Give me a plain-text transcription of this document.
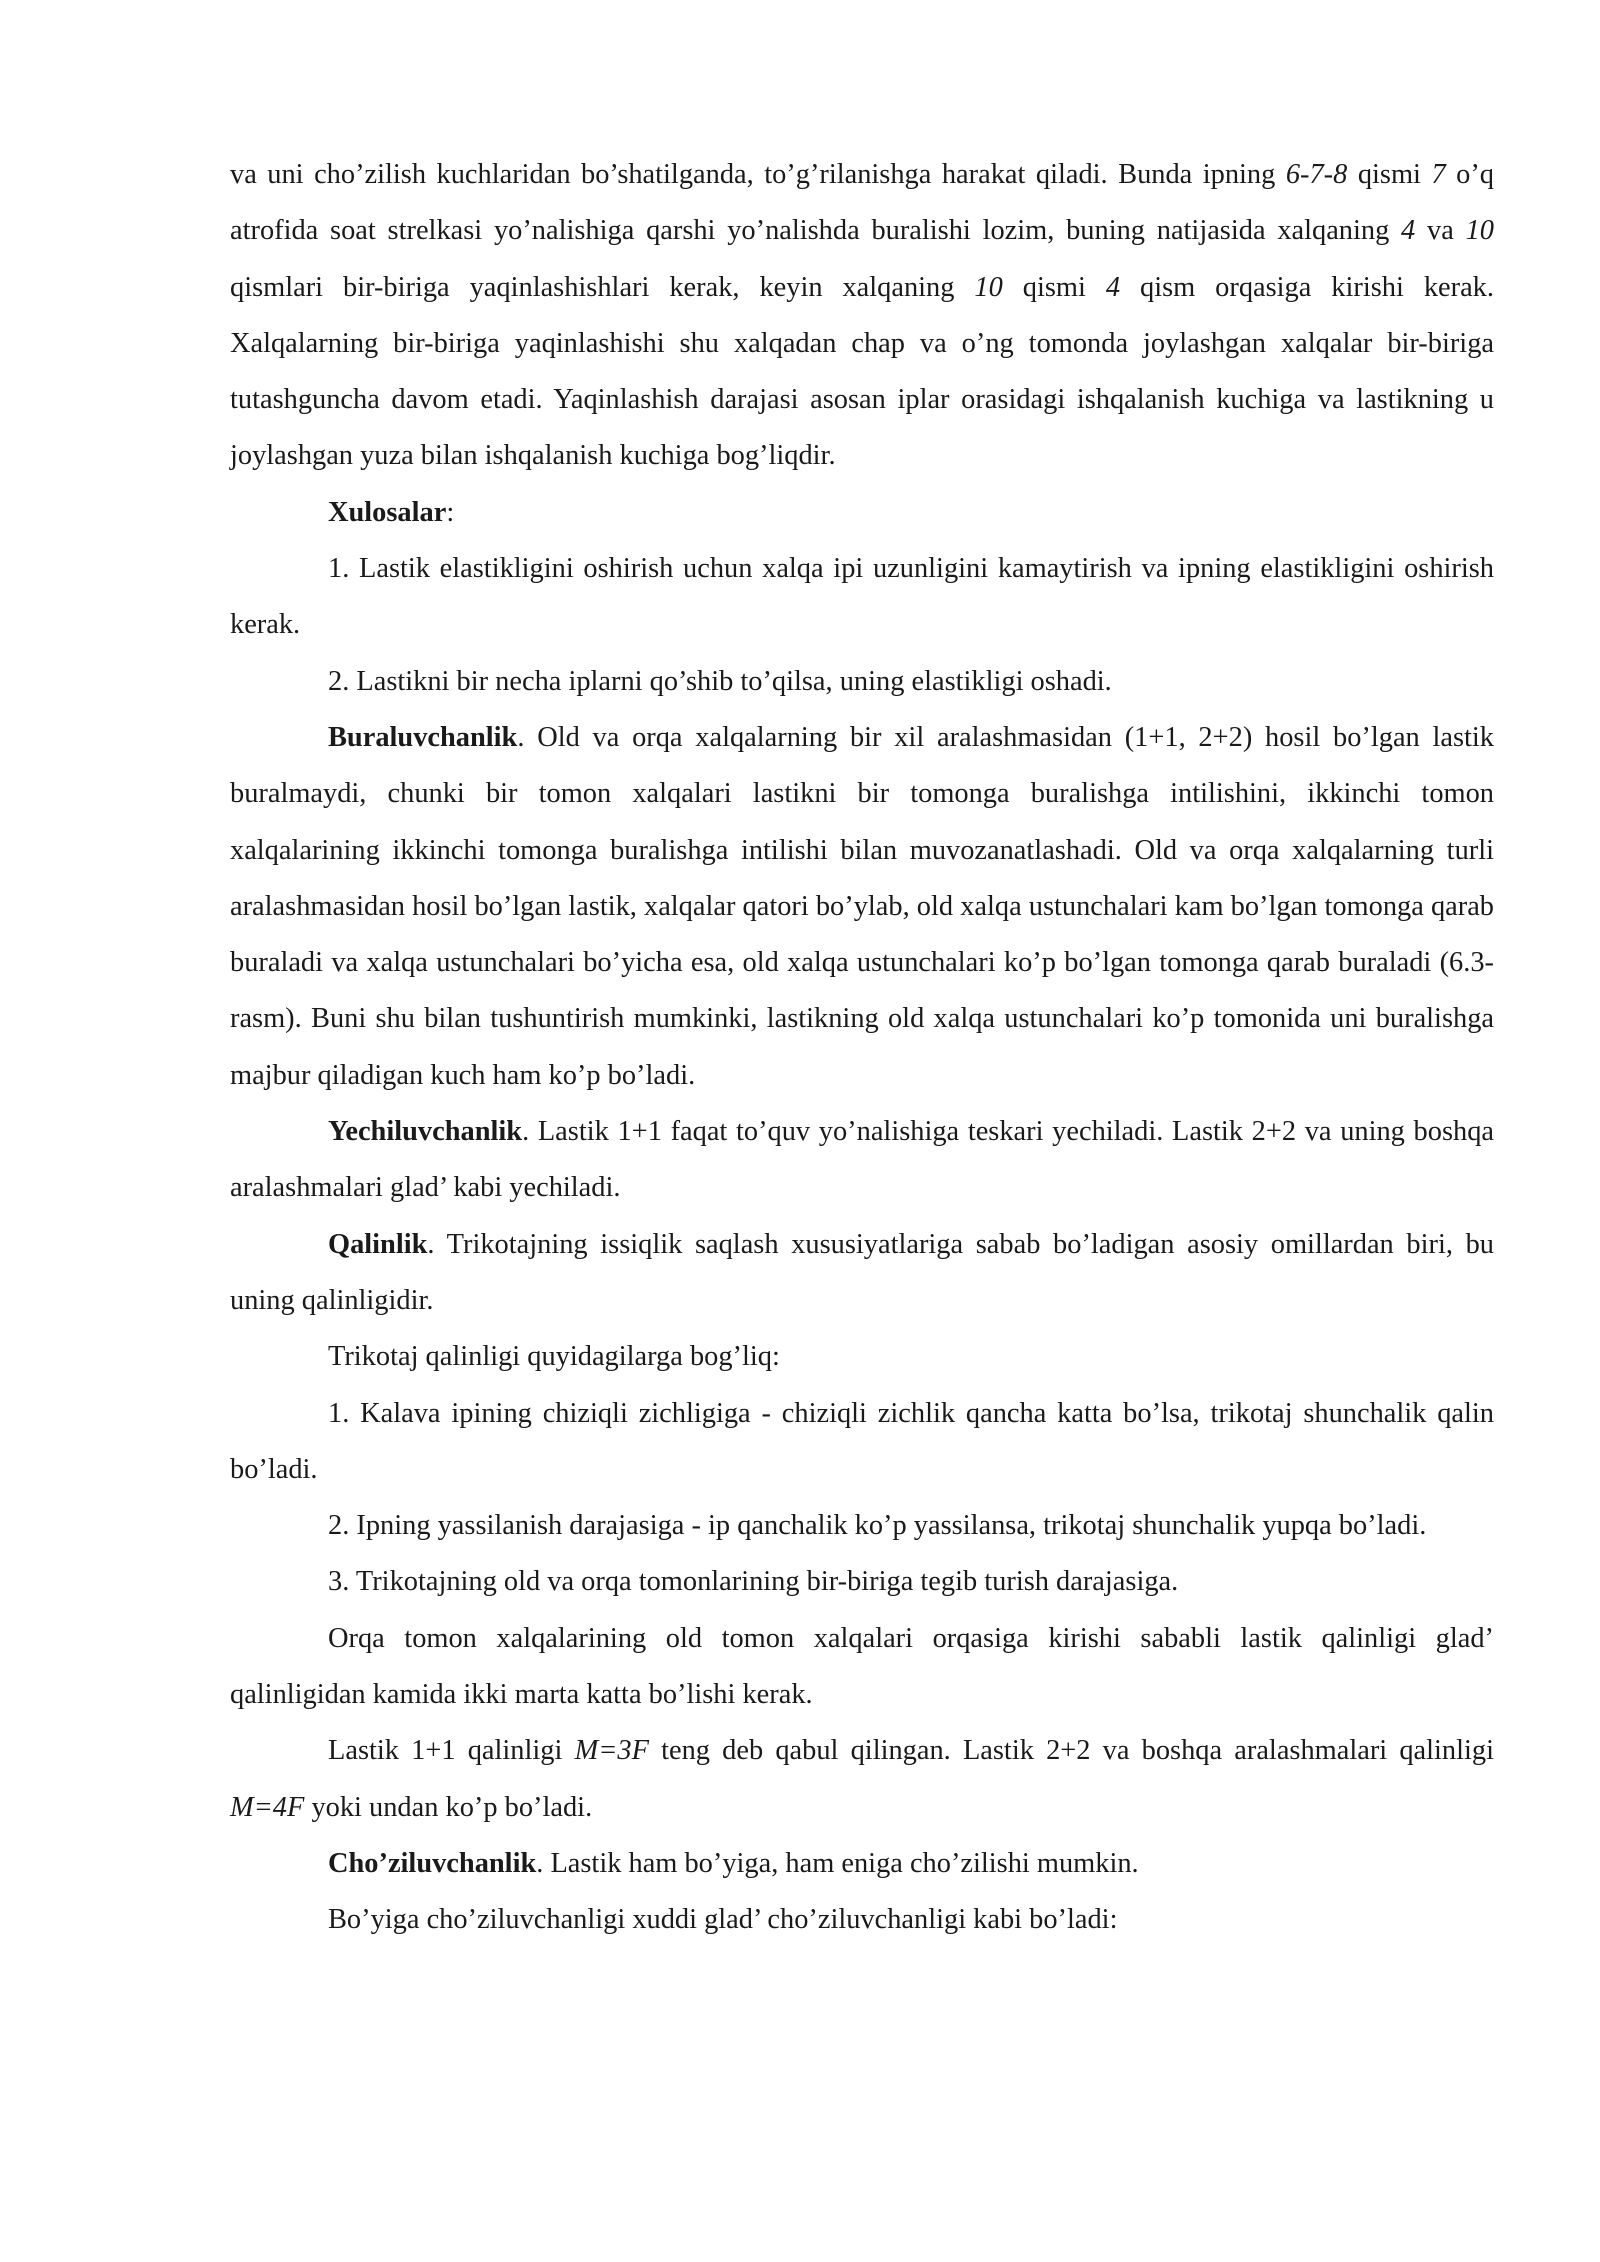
va uni cho’zilish kuchlaridan bo’shatilganda, to’g’rilanishga harakat qiladi. Bunda ipning 6-7-8 qismi 7 o’q atrofida soat strelkasi yo’nalishiga qarshi yo’nalishda buralishi lozim, buning natijasida xalqaning 4 va 10 qismlari bir-biriga yaqinlashishlari kerak, keyin xalqaning 10 qismi 4 qism orqasiga kirishi kerak. Xalqalarning bir-biriga yaqinlashishi shu xalqadan chap va o’ng tomonda joylashgan xalqalar bir-biriga tutashguncha davom etadi. Yaqinlashish darajasi asosan iplar orasidagi ishqalanish kuchiga va lastikning u joylashgan yuza bilan ishqalanish kuchiga bog’liqdir.

Xulosalar:

1. Lastik elastikligini oshirish uchun xalqa ipi uzunligini kamaytirish va ipning elastikligini oshirish kerak.

2. Lastikni bir necha iplarni qo’shib to’qilsa, uning elastikligi oshadi.

Buraluvchanlik. Old va orqa xalqalarning bir xil aralashmasidan (1+1, 2+2) hosil bo’lgan lastik buralmaydi, chunki bir tomon xalqalari lastikni bir tomonga buralishga intilishini, ikkinchi tomon xalqalarining ikkinchi tomonga buralishga intilishi bilan muvozanatlashadi. Old va orqa xalqalarning turli aralashmasidan hosil bo’lgan lastik, xalqalar qatori bo’ylab, old xalqa ustunchalari kam bo’lgan tomonga qarab buraladi va xalqa ustunchalari bo’yicha esa, old xalqa ustunchalari ko’p bo’lgan tomonga qarab buraladi (6.3-rasm). Buni shu bilan tushuntirish mumkinki, lastikning old xalqa ustunchalari ko’p tomonida uni buralishga majbur qiladigan kuch ham ko’p bo’ladi.

Yechiluvchanlik. Lastik 1+1 faqat to’quv yo’nalishiga teskari yechiladi. Lastik 2+2 va uning boshqa aralashmalari glad’ kabi yechiladi.

Qalinlik. Trikotajning issiqlik saqlash xususiyatlariga sabab bo’ladigan asosiy omillardan biri, bu uning qalinligidir.

Trikotaj qalinligi quyidagilarga bog’liq:

1. Kalava ipining chiziqli zichligiga - chiziqli zichlik qancha katta bo’lsa, trikotaj shunchalik qalin bo’ladi.

2. Ipning yassilanish darajasiga - ip qanchalik ko’p yassilansa, trikotaj shunchalik yupqa bo’ladi.

3. Trikotajning old va orqa tomonlarining bir-biriga tegib turish darajasiga.

Orqa tomon xalqalarining old tomon xalqalari orqasiga kirishi sababli lastik qalinligi glad’ qalinligidan kamida ikki marta katta bo’lishi kerak.

Lastik 1+1 qalinligi M=3F teng deb qabul qilingan. Lastik 2+2 va boshqa aralashmalari qalinligi M=4F yoki undan ko’p bo’ladi.

Cho’ziluvchanlik. Lastik ham bo’yiga, ham eniga cho’zilishi mumkin.

Bo’yiga cho’ziluvchanligi xuddi glad’ cho’ziluvchanligi kabi bo’ladi:
